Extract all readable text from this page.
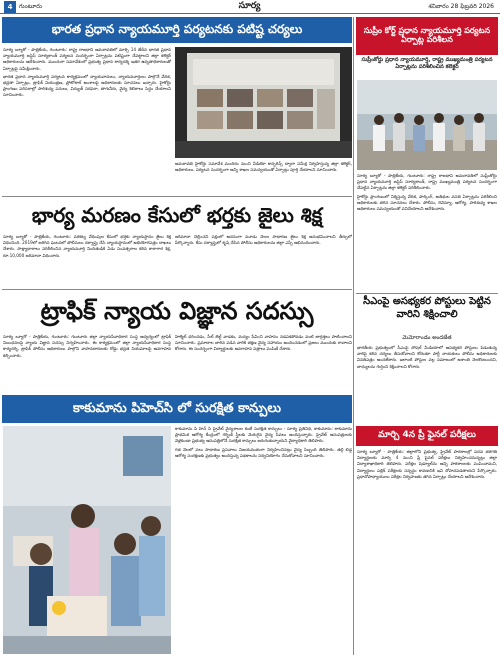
4	గుంటూరు	సూర్య	శనివారం 28 ఫిబ్రవరి 2026
భారత ప్రధాన న్యాయమూర్తి పర్యటనకు పటిష్ట చర్యలు

సూర్య బ్యూరో - పాత్రికేయ, గుంటూరు: రాష్ట్ర రాజధాని అమరావతిలో మార్చి 14 తేదీన భారత ప్రధాన న్యాయమూర్తి జస్టిస్ సూర్యకాంత్ పర్యటన సందర్భంగా ఏర్పాట్లను పటిష్టంగా చేపట్టాలని జిల్లా కలెక్టర్ అధికారులను ఆదేశించారు. ముందుగా సమావేశంలో ప్రభుత్వ ప్రధాన కార్యదర్శి ఇతర ఉన్నతాధికారులతో ఏర్పాట్లపై సమీక్షించారు.

భారత ప్రధాన న్యాయమూర్తి పర్యటన కార్యక్రమంలో న్యాయవాదులు, న్యాయమూర్తులు పాల్గొనే వేదిక, భద్రతా ఏర్పాట్లు, ట్రాఫిక్ నియంత్రణ, ప్రోటోకాల్ అంశాలపై అధికారులకు సూచనలు ఇచ్చారు. హైకోర్టు ప్రాంగణం పరిసరాల్లో పారిశుధ్య పనులు, విద్యుత్ సరఫరా, తాగునీరు, వైద్య శిబిరాలు సిద్ధం చేయాలని సూచించారు.

అమరావతి హైకోర్టు సమావేశ మందిరం నుంచి వీడియో కాన్ఫరెన్స్ ద్వారా సమీక్ష నిర్వహిస్తున్న జిల్లా కలెక్టర్, అధికారులు. పర్యటన సందర్భంగా అన్ని శాఖల సమన్వయంతో ఏర్పాట్లు పూర్తి చేయాలని సూచించారు.
భార్య మరణం కేసులో భర్తకు జైలు శిక్ష
సూర్య బ్యూరో - పాత్రికేయ, గుంటూరు: వరకట్న వేధింపుల కేసులో భర్తకు న్యాయస్థానం జైలు శిక్ష విధించింది. 2019లో జరిగిన ఘటనలో పోలీసులు దర్యాప్తు చేసి న్యాయస్థానంలో అభియోగపత్రం దాఖలు చేశారు. సాక్ష్యాధారాలు పరిశీలించిన న్యాయమూర్తి నిందితుడికి ఏడు సంవత్సరాల కఠిన కారాగార శిక్ష, రూ.10,000 జరిమానా విధించారు.
జరిమానా చెల్లించని పక్షంలో అదనంగా మూడు నెలల సాధారణ జైలు శిక్ష అనుభవించాలని తీర్పులో పేర్కొన్నారు. కేసు దర్యాప్తులో కృషి చేసిన పోలీసు అధికారులను జిల్లా ఎస్పీ అభినందించారు.
ట్రాఫిక్ న్యాయ విజ్ఞాన సదస్సు
సూర్య బ్యూరో - పాత్రికేయ, గుంటూరు: గుంటూరు జిల్లా న్యాయసేవాధికార సంస్థ ఆధ్వర్యంలో ట్రాఫిక్ నిబంధనలపై న్యాయ విజ్ఞాన సదస్సు నిర్వహించారు. ఈ కార్యక్రమంలో జిల్లా న్యాయసేవాధికార సంస్థ కార్యదర్శి, ట్రాఫిక్ పోలీసు అధికారులు పాల్గొని వాహనదారులకు రోడ్డు భద్రత నియమాలపై అవగాహన కల్పించారు.
హెల్మెట్ ధరించడం, సీట్ బెల్ట్ వాడకం, మద్యం సేవించి వాహనం నడపకపోవడం వంటి జాగ్రత్తలు పాటించాలని సూచించారు. ప్రమాదాల బారిన పడిన వారికి తక్షణ వైద్య సహాయం అందించడంలో ప్రజలు ముందుకు రావాలని కోరారు. ఈ సందర్భంగా విద్యార్థులకు అవగాహన పత్రాలు పంపిణీ చేశారు.
కాకుమాను పిహెచ్‌సి లో సురక్షిత కాన్పులు

కాకుమాను పి హెచ్ సి ప్రైవేట్ వైద్యశాలల కంటే సురక్షిత కాన్పులు - సూర్య ప్రతినిధి, కాకుమాను: కాకుమాను ప్రాథమిక ఆరోగ్య కేంద్రంలో గర్భిణీ స్త్రీలకు మెరుగైన వైద్య సేవలు అందిస్తున్నారు. ప్రైవేట్ ఆసుపత్రులకు వెళ్లకుండా ప్రభుత్వ ఆసుపత్రిలోనే సురక్షిత కాన్పులు జరుగుతున్నాయని వైద్యాధికారి తెలిపారు.

గత నెలలో పలు సాధారణ ప్రసవాలు విజయవంతంగా నిర్వహించినట్లు వైద్య సిబ్బంది తెలిపారు. తల్లి బిడ్డ ఆరోగ్య సంరక్షణకు ప్రభుత్వం అందిస్తున్న పథకాలను సద్వినియోగం చేసుకోవాలని సూచించారు.

సుప్రీం కోర్ట్ ప్రధాన న్యాయమూర్తి పర్యటన ఏర్పాట్ల పరిశీలన
సుప్రీంకోర్టు ప్రధాన న్యాయమూర్తి, రాష్ట్ర ముఖ్యమంత్రి పర్యటన ఏర్పాట్లను పరిశీలించిన కలెక్టర్

సూర్య బ్యూరో - పాత్రికేయ, గుంటూరు: రాష్ట్ర రాజధాని అమరావతిలో సుప్రీంకోర్టు ప్రధాన న్యాయమూర్తి జస్టిస్ సూర్యకాంత్, రాష్ట్ర ముఖ్యమంత్రి పర్యటన సందర్భంగా చేపట్టిన ఏర్పాట్లను జిల్లా కలెక్టర్ పరిశీలించారు.

హైకోర్టు ప్రాంగణంలో నిర్మిస్తున్న వేదిక, పార్కింగ్, అతిథుల వసతి ఏర్పాట్లను పరిశీలించి అధికారులకు తగిన సూచనలు చేశారు. పోలీసు, రెవెన్యూ, ఆరోగ్య, పారిశుధ్య శాఖల అధికారులు సమన్వయంతో పనిచేయాలని ఆదేశించారు.

సీఎంపై అసభ్యకర పోస్టులు పెట్టిన వారిని శిక్షించాలి
మెమోరాండం అందజేత
భారతీయ ప్రభుత్వంలో సీఎంపై సోషల్ మీడియాలో అసభ్యకర పోస్టులు పెడుతున్న వారిపై కఠిన చర్యలు తీసుకోవాలని కోరుతూ పార్టీ నాయకులు పోలీసు అధికారులకు వినతిపత్రం అందజేశారు. ఇలాంటి పోస్టుల వల్ల సమాజంలో అశాంతి నెలకొంటుందని, బాధ్యులను గుర్తించి శిక్షించాలని కోరారు.
మార్చి 4న ప్రీ ఫైనల్ పరీక్షలు
సూర్య బ్యూరో - పాత్రికేయ: జిల్లాలోని ప్రభుత్వ, ప్రైవేట్ పాఠశాలల్లో పదవ తరగతి విద్యార్థులకు మార్చి 4 నుంచి ప్రీ ఫైనల్ పరీక్షలు నిర్వహించనున్నట్లు జిల్లా విద్యాశాఖాధికారి తెలిపారు. పరీక్షల షెడ్యూల్‌ను అన్ని పాఠశాలలకు పంపించామని, విద్యార్థులు పబ్లిక్ పరీక్షలకు సన్నద్ధం కావడానికి ఇవి దోహదపడతాయని పేర్కొన్నారు. ప్రధానోపాధ్యాయులు పరీక్షల నిర్వహణకు తగిన ఏర్పాట్లు చేయాలని ఆదేశించారు.
